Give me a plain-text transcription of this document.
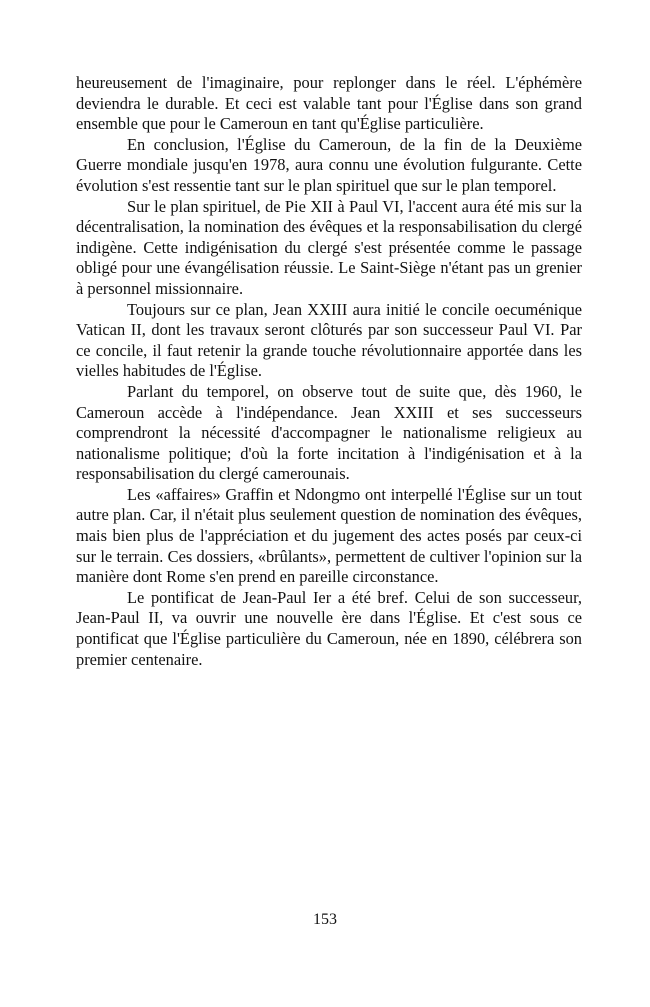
heureusement de l'imaginaire, pour replonger dans le réel. L'éphémère deviendra le durable. Et ceci est valable tant pour l'Église dans son grand ensemble que pour le Cameroun en tant qu'Église particulière.

En conclusion, l'Église du Cameroun, de la fin de la Deuxième Guerre mondiale jusqu'en 1978, aura connu une évolution fulgurante. Cette évolution s'est ressentie tant sur le plan spirituel que sur le plan temporel.

Sur le plan spirituel, de Pie XII à Paul VI, l'accent aura été mis sur la décentralisation, la nomination des évêques et la responsabilisation du clergé indigène. Cette indigénisation du clergé s'est présentée comme le passage obligé pour une évangélisation réussie. Le Saint-Siège n'étant pas un grenier à personnel missionnaire.

Toujours sur ce plan, Jean XXIII aura initié le concile oecuménique Vatican II, dont les travaux seront clôturés par son successeur Paul VI. Par ce concile, il faut retenir la grande touche révolutionnaire apportée dans les vielles habitudes de l'Église.

Parlant du temporel, on observe tout de suite que, dès 1960, le Cameroun accède à l'indépendance. Jean XXIII et ses successeurs comprendront la nécessité d'accompagner le nationalisme religieux au nationalisme politique; d'où la forte incitation à l'indigénisation et à la responsabilisation du clergé camerounais.

Les «affaires» Graffin et Ndongmo ont interpellé l'Église sur un tout autre plan. Car, il n'était plus seulement question de nomination des évêques, mais bien plus de l'appréciation et du jugement des actes posés par ceux-ci sur le terrain. Ces dossiers, «brûlants», permettent de cultiver l'opinion sur la manière dont Rome s'en prend en pareille circonstance.

Le pontificat de Jean-Paul Ier a été bref. Celui de son successeur, Jean-Paul II, va ouvrir une nouvelle ère dans l'Église. Et c'est sous ce pontificat que l'Église particulière du Cameroun, née en 1890, célébrera son premier centenaire.

153
